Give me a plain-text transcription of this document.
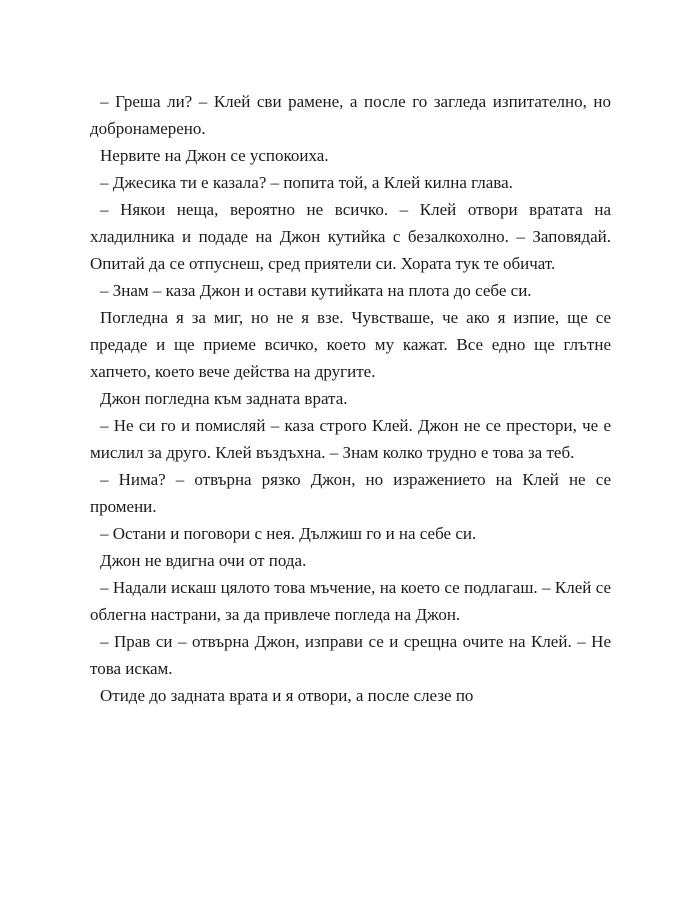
– Греша ли? – Клей сви рамене, а после го загледа изпитателно, но добронамерено.

Нервите на Джон се успокоиха.

– Джесика ти е казала? – попита той, а Клей килна глава.

– Някои неща, вероятно не всичко. – Клей отвори вратата на хладилника и подаде на Джон кутийка с безалкохолно. – Заповядай. Опитай да се отпуснеш, сред приятели си. Хората тук те обичат.

– Знам – каза Джон и остави кутийката на плота до себе си.

Погледна я за миг, но не я взе. Чувстваше, че ако я изпие, ще се предаде и ще приеме всичко, което му кажат. Все едно ще глътне хапчето, което вече действа на другите.

Джон погледна към задната врата.

– Не си го и помисляй – каза строго Клей. Джон не се престори, че е мислил за друго. Клей въздъхна. – Знам колко трудно е това за теб.

– Нима? – отвърна рязко Джон, но изражението на Клей не се промени.

– Остани и поговори с нея. Дължиш го и на себе си.

Джон не вдигна очи от пода.

– Надали искаш цялото това мъчение, на което се подлагаш. – Клей се облегна настрани, за да привлече погледа на Джон.

– Прав си – отвърна Джон, изправи се и срещна очите на Клей. – Не това искам.

Отиде до задната врата и я отвори, а после слезе по
